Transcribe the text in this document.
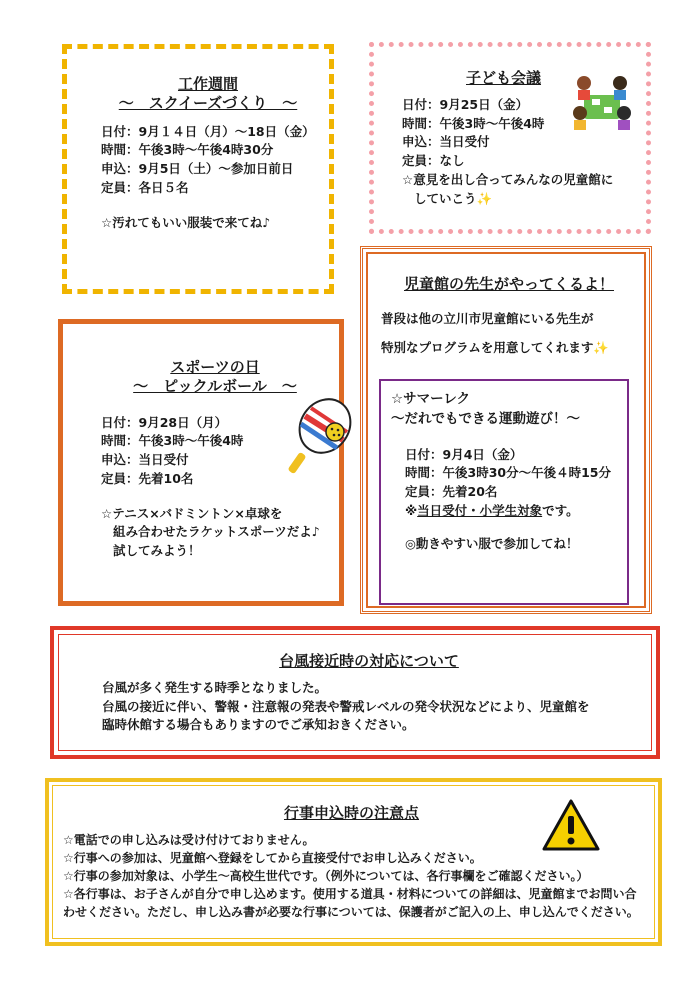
工作週間
～　スクイーズづくり　～

日付：9月１４日（月）～18日（金）

時間：午後3時～午後4時30分

申込：9月5日（土）～参加日前日

定員：各日５名

☆汚れてもいい服装で来てね♪

子ども会議

日付：9月25日（金）

時間：午後3時～午後4時

申込：当日受付

定員：なし

☆意見を出し合ってみんなの児童館に

していこう✨

スポーツの日
～　ピックルボール　～

日付：9月28日（月）

時間：午後3時～午後4時

申込：当日受付

定員：先着10名

☆テニス×バドミントン×卓球を

組み合わせたラケットスポーツだよ♪

試してみよう！

児童館の先生がやってくるよ！

普段は他の立川市児童館にいる先生が

特別なプログラムを用意してくれます✨

☆サマーレク

～だれでもできる運動遊び！～

日付：9月4日（金）

時間：午後3時30分～午後４時15分

定員：先着20名

※当日受付・小学生対象です。

◎動きやすい服で参加してね！

台風接近時の対応について

台風が多く発生する時季となりました。

台風の接近に伴い、警報・注意報の発表や警戒レベルの発令状況などにより、児童館を

臨時休館する場合もありますのでご承知おきください。

行事申込時の注意点

☆電話での申し込みは受け付けておりません。

☆行事への参加は、児童館へ登録をしてから直接受付でお申し込みください。

☆行事の参加対象は、小学生～高校生世代です。（例外については、各行事欄をご確認ください。）

☆各行事は、お子さんが自分で申し込めます。使用する道具・材料についての詳細は、児童館までお問い合

わせください。ただし、申し込み書が必要な行事については、保護者がご記入の上、申し込んでください。
